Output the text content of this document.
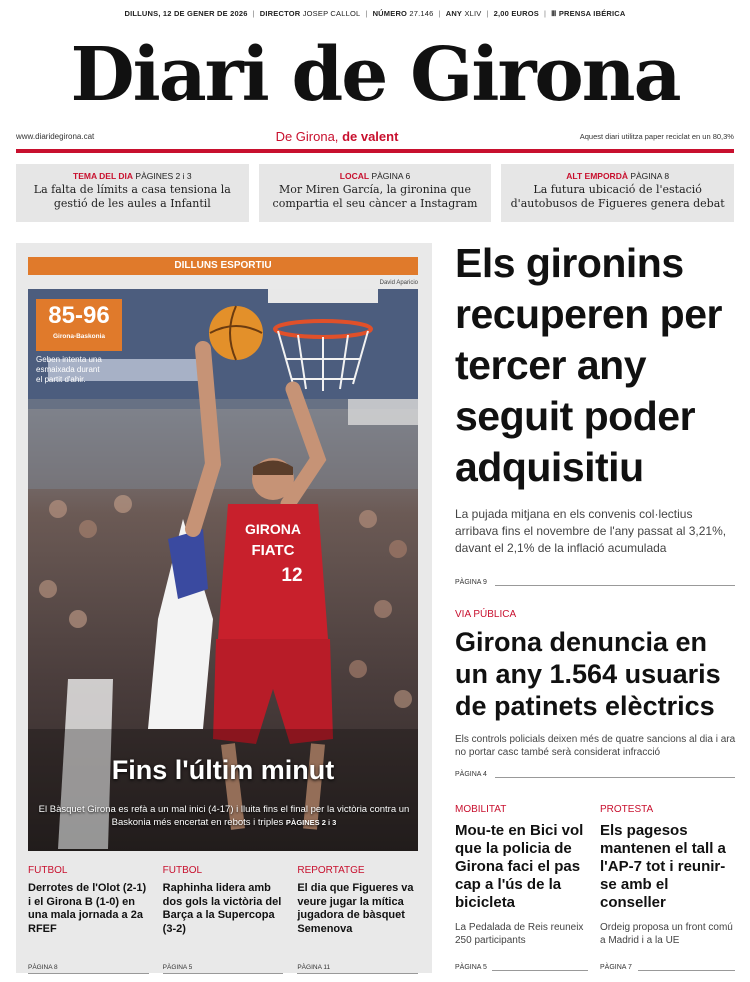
DILLUNS, 12 DE GENER DE 2026 | DIRECTOR
JOSEP CALLOL | NÚMERO
27.146 | ANY
XLIV | 2,00 EUROS | Ⅲ PRENSA IBÉRICA
Diari de Girona
www.diaridegirona.cat	De Girona, de valent	Aquest diari utilitza paper reciclat en un 80,3%
TEMA DEL DIA PÀGINES 2 i 3
La falta de límits a casa tensiona la gestió de les aules a Infantil
LOCAL PÀGINA 6
Mor Miren García, la gironina que compartia el seu càncer a Instagram
ALT EMPORDÀ PÀGINA 8
La futura ubicació de l'estació d'autobusos de Figueres genera debat
DILLUNS ESPORTIU
David Aparicio
GIRONA
FIATC
12
85-96
Girona-Baskonia
Geben intenta una esmaixada durant el partit d'ahir.
Fins l'últim minut
El Bàsquet Girona es refà a un mal inici (4-17) i lluita fins el final per la victòria contra un Baskonia més encertat en rebots i triples PÀGINES 2 i 3
FUTBOL
Derrotes de l'Olot (2-1) i el Girona B (1-0) en una mala jornada a 2a RFEF
PÀGINA 8
FUTBOL
Raphinha lidera amb dos gols la victòria del Barça a la Supercopa (3-2)
PÀGINA 5
REPORTATGE
El dia que Figueres va veure jugar la mítica jugadora de bàsquet Semenova
PÀGINA 11
Els gironins recuperen per tercer any seguit poder adquisitiu
La pujada mitjana en els convenis col·lectius arribava fins el novembre de l'any passat al 3,21%, davant el 2,1% de la inflació acumulada
PÀGINA 9
VIA PÚBLICA
Girona denuncia en un any 1.564 usuaris de patinets elèctrics
Els controls policials deixen més de quatre sancions al dia i ara no portar casc també serà considerat infracció
PÀGINA 4
MOBILITAT
Mou-te en Bici vol que la policia de Girona faci el pas cap a l'ús de la bicicleta
La Pedalada de Reis reuneix 250 participants
PÀGINA 5
PROTESTA
Els pagesos mantenen el tall a l'AP-7 tot i reunir-se amb el conseller
Ordeig proposa un front comú a Madrid i a la UE
PÀGINA 7
